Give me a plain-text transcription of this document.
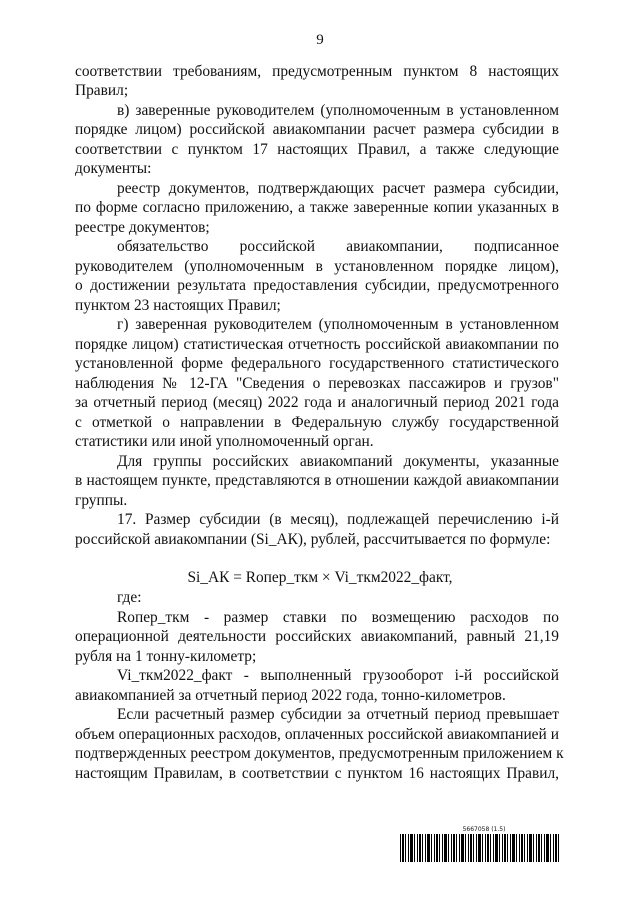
9
соответствии требованиям, предусмотренным пунктом 8 настоящих
Правил;
в) заверенные руководителем (уполномоченным в установленном
порядке лицом) российской авиакомпании расчет размера субсидии в
соответствии с пунктом 17 настоящих Правил, а также следующие
документы:
реестр документов, подтверждающих расчет размера субсидии,
по форме согласно приложению, а также заверенные копии указанных в
реестре документов;
обязательство российской авиакомпании, подписанное
руководителем (уполномоченным в установленном порядке лицом),
о достижении результата предоставления субсидии, предусмотренного
пунктом 23 настоящих Правил;
г) заверенная руководителем (уполномоченным в установленном
порядке лицом) статистическая отчетность российской авиакомпании по
установленной форме федерального государственного статистического
наблюдения № 12-ГА "Сведения о перевозках пассажиров и грузов"
за отчетный период (месяц) 2022 года и аналогичный период 2021 года
с отметкой о направлении в Федеральную службу государственной
статистики или иной уполномоченный орган.
Для группы российских авиакомпаний документы, указанные
в настоящем пункте, представляются в отношении каждой авиакомпании
группы.
17. Размер субсидии (в месяц), подлежащей перечислению i-й
российской авиакомпании (Si_АК), рублей, рассчитывается по формуле:
где:
Rопер_ткм - размер ставки по возмещению расходов по
операционной деятельности российских авиакомпаний, равный 21,19
рубля на 1 тонну-километр;
Vi_ткм2022_факт - выполненный грузооборот i-й российской
авиакомпанией за отчетный период 2022 года, тонно-километров.
Если расчетный размер субсидии за отчетный период превышает
объем операционных расходов, оплаченных российской авиакомпанией и
подтвержденных реестром документов, предусмотренным приложением к
настоящим Правилам, в соответствии с пунктом 16 настоящих Правил,
Si_АК = Rопер_ткм × Vi_ткм2022_факт,
5667058 (1.5)
